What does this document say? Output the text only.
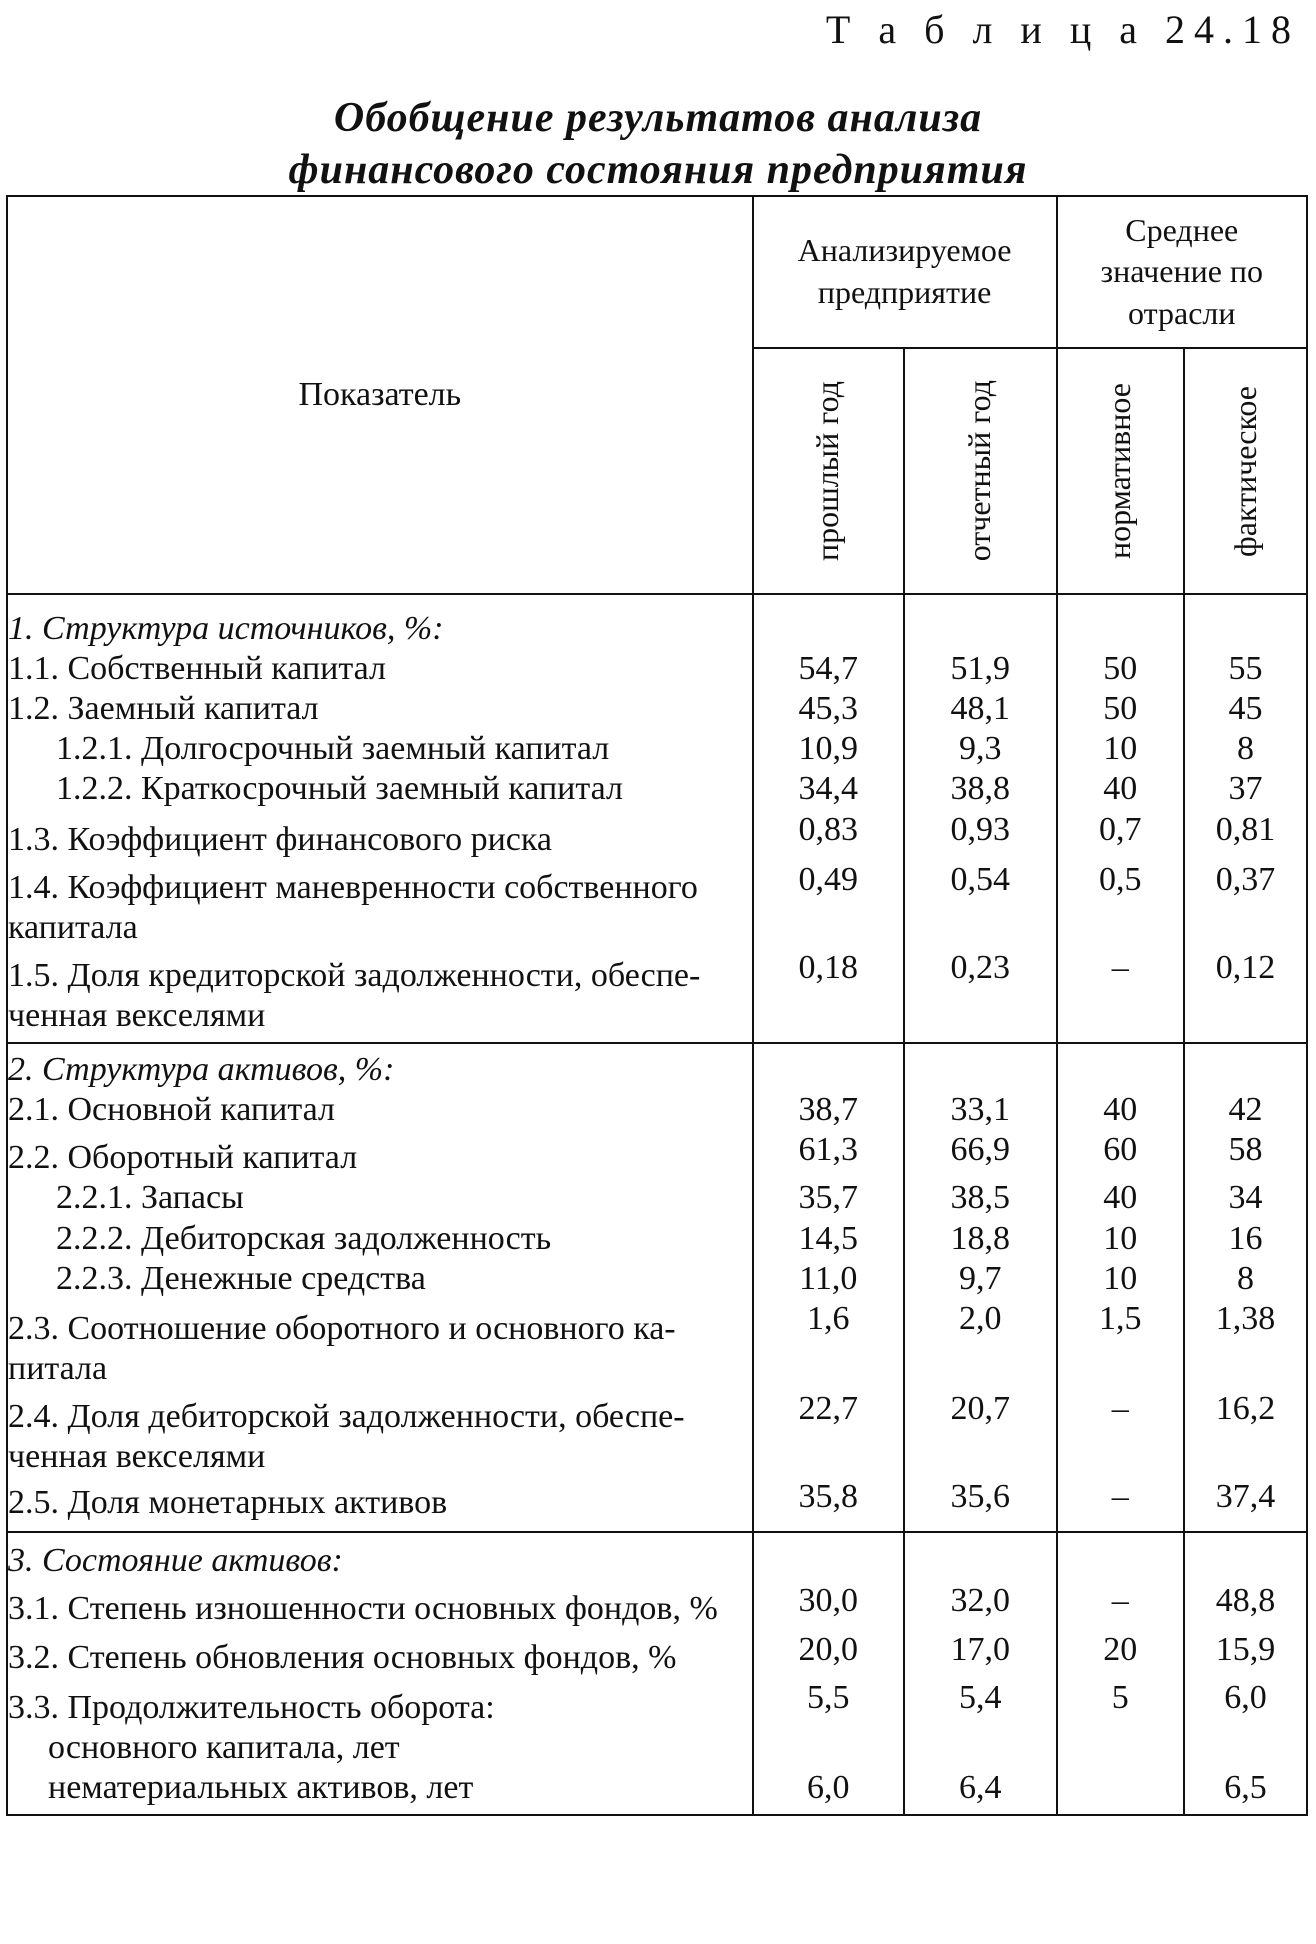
Т а б л и ц а 24.18
Обобщение результатов анализа
финансового состояния предприятия
Показатель	Анализируемое предприятие		Среднее значение по отрасли	

	прошлый год	отчетный год	нормативное	фактическое

1. Структура источников, %:				
1.1. Собственный капитал	54,7	51,9	50	55
1.2. Заемный капитал	45,3	48,1	50	45
1.2.1. Долгосрочный заемный капитал	10,9	9,3	10	8
1.2.2. Краткосрочный заемный капитал	34,4	38,8	40	37
1.3. Коэффициент финансового риска	0,83	0,93	0,7	0,81

1.4. Коэффициент маневренности собственного
капитала	0,49	0,54	0,5	0,37

1.5. Доля кредиторской задолженности, обеспе-
ченная векселями	0,18	0,23	–	0,12
2. Структура активов, %:				
2.1. Основной капитал	38,7	33,1	40	42
2.2. Оборотный капитал	61,3	66,9	60	58
2.2.1. Запасы	35,7	38,5	40	34
2.2.2. Дебиторская задолженность	14,5	18,8	10	16
2.2.3. Денежные средства	11,0	9,7	10	8

2.3. Соотношение оборотного и основного ка-
питала	1,6	2,0	1,5	1,38

2.4. Доля дебиторской задолженности, обеспе-
ченная векселями	22,7	20,7	–	16,2
2.5. Доля монетарных активов	35,8	35,6	–	37,4
3. Состояние активов:				
3.1. Степень изношенности основных фондов, %	30,0	32,0	–	48,8
3.2. Степень обновления основных фондов, %	20,0	17,0	20	15,9

3.3. Продолжительность оборота:
основного капитала, лет	5,5	5,4	5	6,0

нематериальных активов, лет	6,0	6,4		6,5
